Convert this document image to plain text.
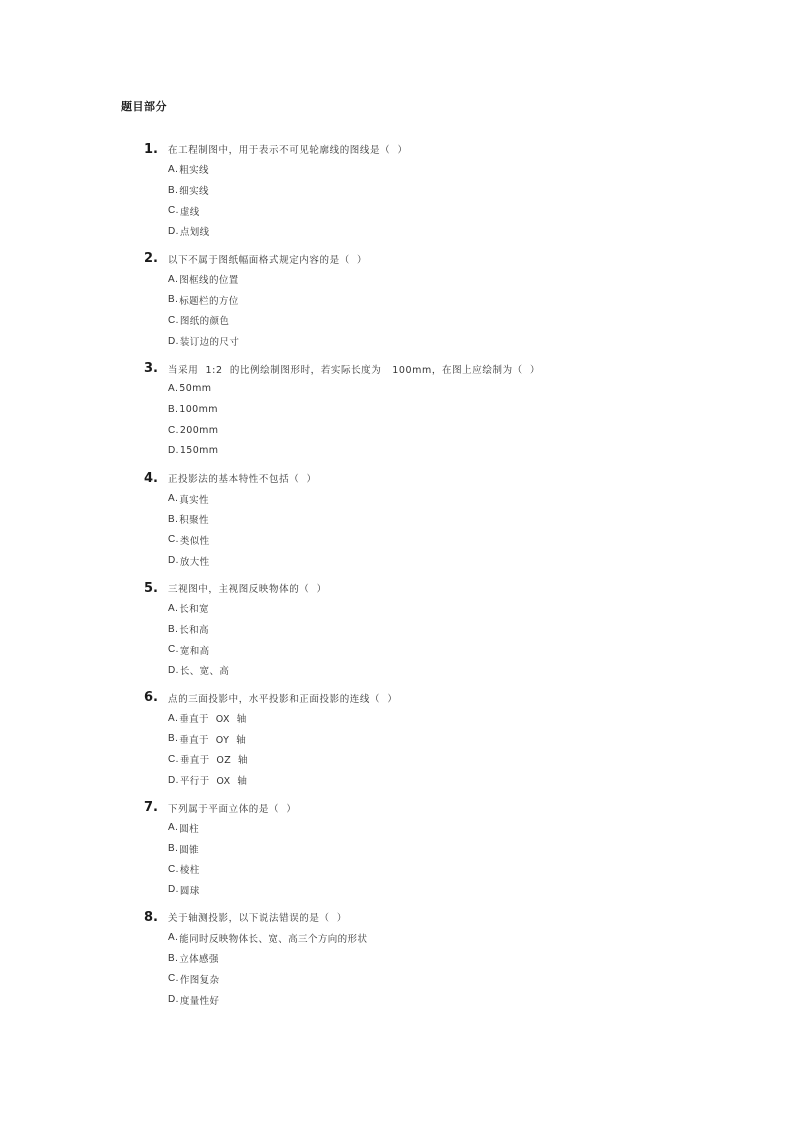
题目部分
1.	在工程制图中，用于表示不可见轮廓线的图线是（  ）
A. 粗实线
B. 细实线
C. 虚线
D. 点划线
2.	以下不属于图纸幅面格式规定内容的是（  ）
A. 图框线的位置
B. 标题栏的方位
C. 图纸的颜色
D. 装订边的尺寸
3.	当采用  1:2  的比例绘制图形时，若实际长度为   100mm，在图上应绘制为（  ）
A. 50mm
B. 100mm
C. 200mm
D. 150mm
4.	正投影法的基本特性不包括（  ）
A. 真实性
B. 积聚性
C. 类似性
D. 放大性
5.	三视图中，主视图反映物体的（  ）
A. 长和宽
B. 长和高
C. 宽和高
D. 长、宽、高
6.	点的三面投影中，水平投影和正面投影的连线（  ）
A. 垂直于  OX  轴
B. 垂直于  OY  轴
C. 垂直于  OZ  轴
D. 平行于  OX  轴
7.	下列属于平面立体的是（  ）
A. 圆柱
B. 圆锥
C. 棱柱
D. 圆球
8.	关于轴测投影，以下说法错误的是（  ）
A. 能同时反映物体长、宽、高三个方向的形状
B. 立体感强
C. 作图复杂
D. 度量性好
